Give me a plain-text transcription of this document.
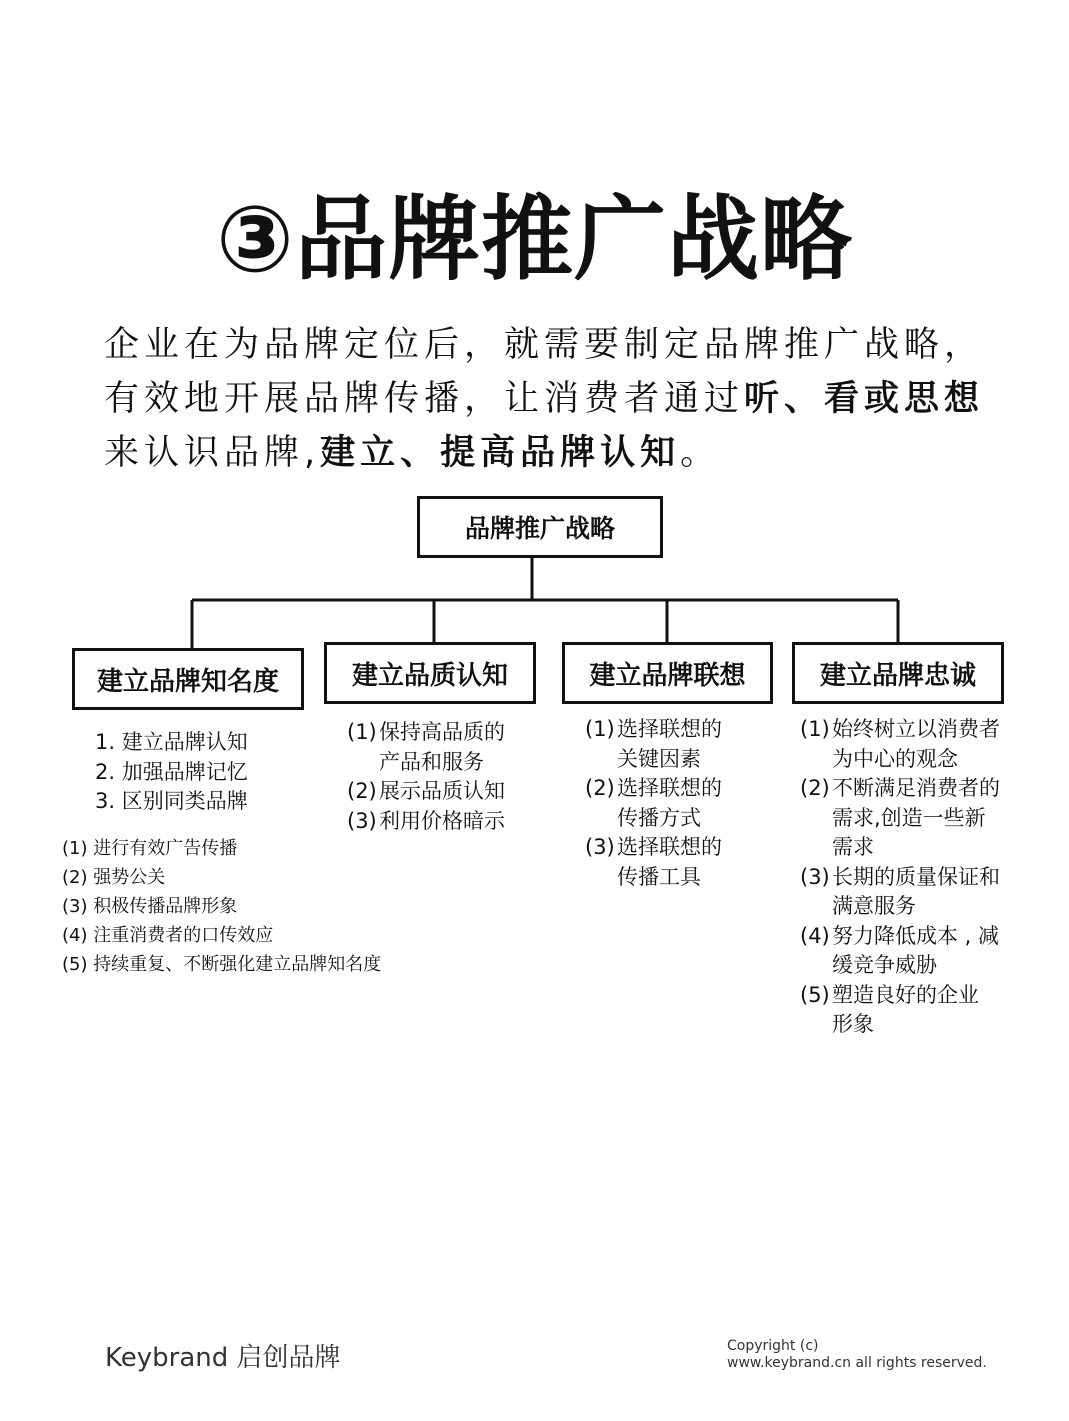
③品牌推广战略
企业在为品牌定位后，就需要制定品牌推广战略，
有效地开展品牌传播，让消费者通过听、看或思想
来认识品牌,建立、提高品牌认知。
品牌推广战略
建立品牌知名度	建立品质认知	建立品牌联想	建立品牌忠诚
1. 建立品牌认知
2. 加强品牌记忆
3. 区别同类品牌
(1) 进行有效广告传播
(2) 强势公关
(3) 积极传播品牌形象
(4) 注重消费者的口传效应
(5) 持续重复、不断强化建立品牌知名度
(1) 保持高品质的
产品和服务
(2) 展示品质认知
(3) 利用价格暗示
(1) 选择联想的
关键因素
(2) 选择联想的
传播方式
(3) 选择联想的
传播工具
(1) 始终树立以消费者
为中心的观念
(2) 不断满足消费者的
需求,创造一些新
需求
(3) 长期的质量保证和
满意服务
(4) 努力降低成本 , 减
缓竞争威胁
(5) 塑造良好的企业
形象
Keybrand 启创品牌	Copyright (c)
www.keybrand.cn all rights reserved.
